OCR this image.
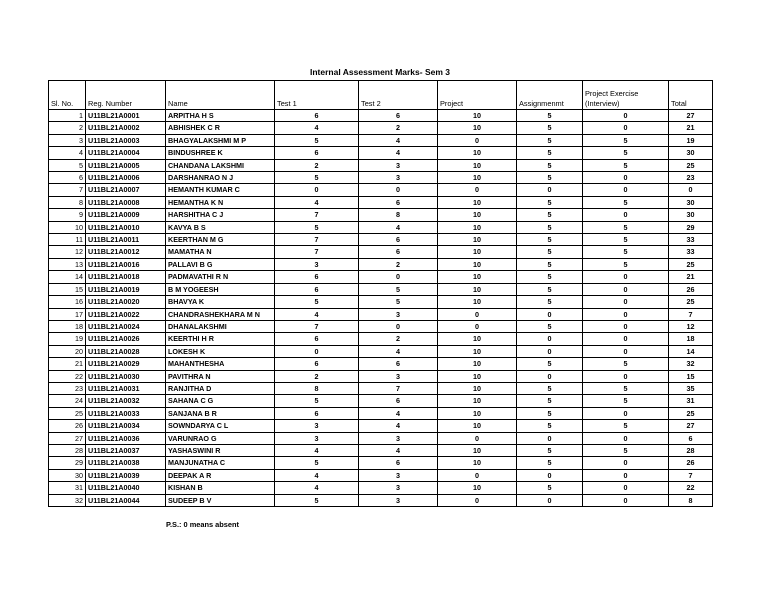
Internal Assessment Marks- Sem 3
Sl. No.	Reg. Number	Name	Test 1	Test 2	Project	Assignmenmt	Project Exercise (Interview)	Total
1	U11BL21A0001	ARPITHA H S	6	6	10	5	0	27
2	U11BL21A0002	ABHISHEK C R	4	2	10	5	0	21
3	U11BL21A0003	BHAGYALAKSHMI M P	5	4	0	5	5	19
4	U11BL21A0004	BINDUSHREE K	6	4	10	5	5	30
5	U11BL21A0005	CHANDANA LAKSHMI	2	3	10	5	5	25
6	U11BL21A0006	DARSHANRAO N J	5	3	10	5	0	23
7	U11BL21A0007	HEMANTH KUMAR C	0	0	0	0	0	0
8	U11BL21A0008	HEMANTHA K N	4	6	10	5	5	30
9	U11BL21A0009	HARSHITHA C J	7	8	10	5	0	30
10	U11BL21A0010	KAVYA B S	5	4	10	5	5	29
11	U11BL21A0011	KEERTHAN M G	7	6	10	5	5	33
12	U11BL21A0012	MAMATHA N	7	6	10	5	5	33
13	U11BL21A0016	PALLAVI B G	3	2	10	5	5	25
14	U11BL21A0018	PADMAVATHI R N	6	0	10	5	0	21
15	U11BL21A0019	B M YOGEESH	6	5	10	5	0	26
16	U11BL21A0020	BHAVYA K	5	5	10	5	0	25
17	U11BL21A0022	CHANDRASHEKHARA M N	4	3	0	0	0	7
18	U11BL21A0024	DHANALAKSHMI	7	0	0	5	0	12
19	U11BL21A0026	KEERTHI H R	6	2	10	0	0	18
20	U11BL21A0028	LOKESH K	0	4	10	0	0	14
21	U11BL21A0029	MAHANTHESHA	6	6	10	5	5	32
22	U11BL21A0030	PAVITHRA N	2	3	10	0	0	15
23	U11BL21A0031	RANJITHA D	8	7	10	5	5	35
24	U11BL21A0032	SAHANA C G	5	6	10	5	5	31
25	U11BL21A0033	SANJANA B R	6	4	10	5	0	25
26	U11BL21A0034	SOWNDARYA C L	3	4	10	5	5	27
27	U11BL21A0036	VARUNRAO G	3	3	0	0	0	6
28	U11BL21A0037	YASHASWINI R	4	4	10	5	5	28
29	U11BL21A0038	MANJUNATHA C	5	6	10	5	0	26
30	U11BL21A0039	DEEPAK A R	4	3	0	0	0	7
31	U11BL21A0040	KISHAN B	4	3	10	5	0	22
32	U11BL21A0044	SUDEEP B V	5	3	0	0	0	8
P.S.: 0 means absent
